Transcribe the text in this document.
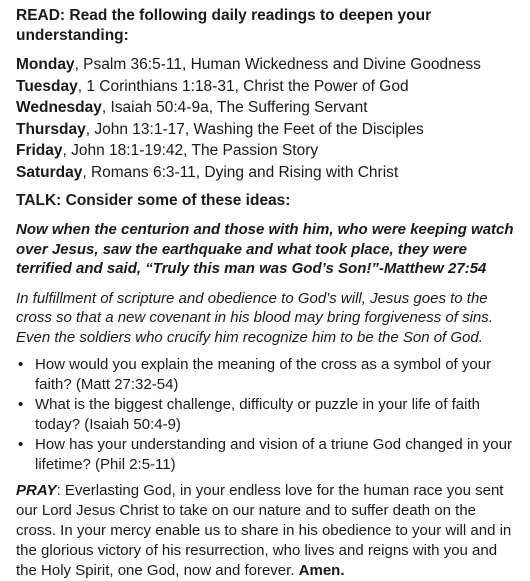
READ: Read the following daily readings to deepen your understanding:

Monday, Psalm 36:5-11, Human Wickedness and Divine Goodness

Tuesday, 1 Corinthians 1:18-31, Christ the Power of God

Wednesday, Isaiah 50:4-9a, The Suffering Servant

Thursday, John 13:1-17, Washing the Feet of the Disciples

Friday, John 18:1-19:42, The Passion Story

Saturday, Romans 6:3-11, Dying and Rising with Christ

TALK: Consider some of these ideas:

Now when the centurion and those with him, who were keeping watch over Jesus, saw the earthquake and what took place, they were terrified and said, “Truly this man was God’s Son!”-Matthew 27:54

In fulfillment of scripture and obedience to God’s will, Jesus goes to the cross so that a new covenant in his blood may bring forgiveness of sins. Even the soldiers who crucify him recognize him to be the Son of God.

• How would you explain the meaning of the cross as a symbol of your faith? (Matt 27:32-54)
• What is the biggest challenge, difficulty or puzzle in your life of faith today? (Isaiah 50:4-9)
• How has your understanding and vision of a triune God changed in your lifetime? (Phil 2:5-11)

PRAY: Everlasting God, in your endless love for the human race you sent our Lord Jesus Christ to take on our nature and to suffer death on the cross. In your mercy enable us to share in his obedience to your will and in the glorious victory of his resurrection, who lives and reigns with you and the Holy Spirit, one God, now and forever. Amen.
